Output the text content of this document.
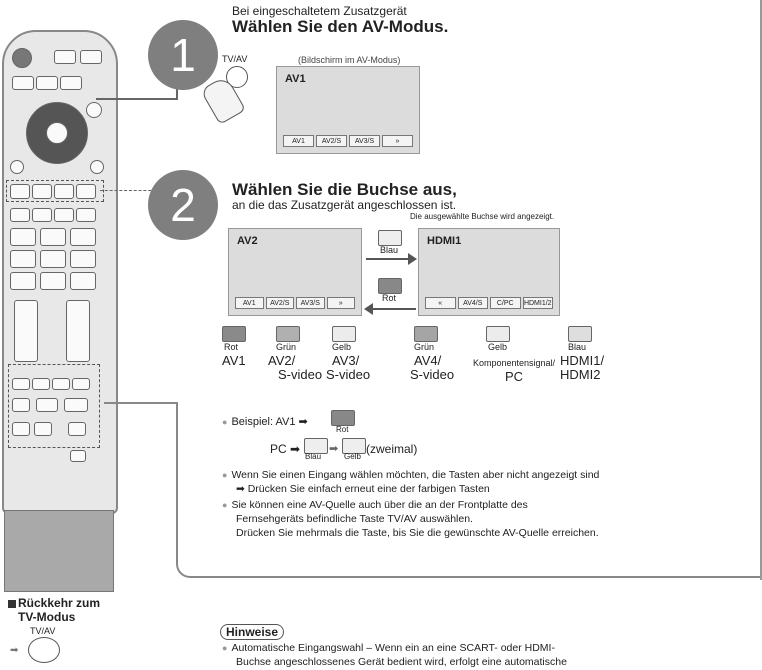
1
Bei eingeschaltetem Zusatzgerät
Wählen Sie den AV-Modus.
TV/AV	(Bildschirm im AV-Modus)
AV1
AV1	AV2/S	AV3/S	»
2	Wählen Sie die Buchse aus,
an die das Zusatzgerät angeschlossen ist.
Die ausgewählte Buchse wird angezeigt.
AV2
AV1	AV2/S	AV3/S	»
HDMI1
«	AV4/S	C/PC	HDMI1/2
Blau
Rot
Rot
AV1
Grün
AV2/
S-video
Gelb
AV3/
S-video
Grün
AV4/
S-video
Gelb
Komponentensignal/
PC
Blau
HDMI1/
HDMI2
● Beispiel: AV1 ➡
Rot
PC ➡
Blau
➡
Gelb
(zweimal)
● Wenn Sie einen Eingang wählen möchten, die Tasten aber nicht angezeigt sind
➡ Drücken Sie einfach erneut eine der farbigen Tasten
● Sie können eine AV-Quelle auch über die an der Frontplatte des
Fernsehgeräts befindliche Taste TV/AV auswählen.
Drücken Sie mehrmals die Taste, bis Sie die gewünschte AV-Quelle erreichen.
Rückkehr zum
TV-Modus
TV/AV
➡
Hinweise
● Automatische Eingangswahl – Wenn ein an eine SCART- oder HDMI-
Buchse angeschlossenes Gerät bedient wird, erfolgt eine automatische
